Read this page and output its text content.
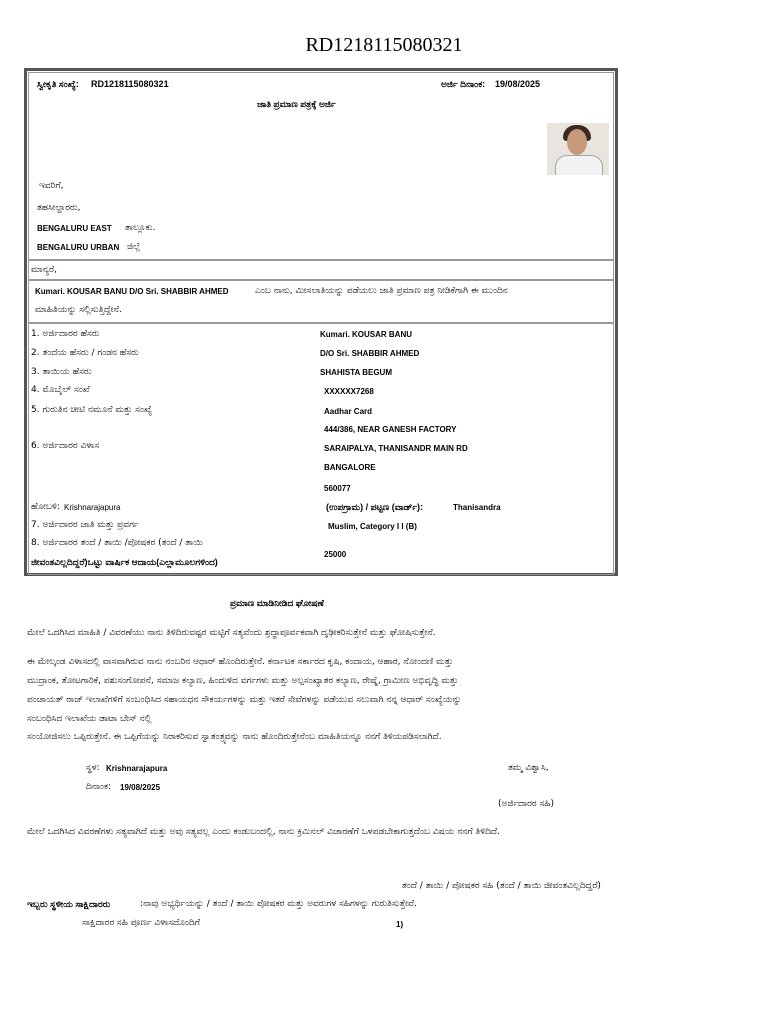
RD1218115080321
ಸ್ವೀಕೃತಿ ಸಂಖ್ಯೆ: RD1218115080321	ಅರ್ಜಿ ದಿನಾಂಕ: 19/08/2025
ಜಾತಿ ಪ್ರಮಾಣ ಪತ್ರಕ್ಕೆ ಅರ್ಜಿ
ಇವರಿಗೆ,
ತಹಸೀಲ್ದಾರರು,
BENGALURU EAST ತಾಲ್ಲೂಕು.
BENGALURU URBAN ಜಿಲ್ಲೆ
ಮಾನ್ಯರೆ,
Kumari. KOUSAR BANU D/O Sri. SHABBIR AHMED	ಎಂಬ ನಾನು, ಮೀಸಲಾತಿಯನ್ನು ಪಡೆಯಲು ಜಾತಿ ಪ್ರಮಾಣ ಪತ್ರ ನೀಡಿಕೆಗಾಗಿ ಈ ಮುಂದಿನ
ಮಾಹಿತಿಯನ್ನು ಸಲ್ಲಿಸುತ್ತಿದ್ದೇನೆ.
1. ಅರ್ಜಿದಾರರ ಹೆಸರು	Kumari. KOUSAR BANU
2. ತಂದೆಯ ಹೆಸರು / ಗಂಡನ ಹೆಸರು	D/O Sri. SHABBIR AHMED
3. ತಾಯಿಯ ಹೆಸರು	SHAHISTA BEGUM
4. ಮೊಬೈಲ್ ಸಂಖೆ	XXXXXX7268
5. ಗುರುತಿನ ಚೀಟಿ ನಮೂನೆ ಮತ್ತು ಸಂಖ್ಯೆ	Aadhar Card
444/386, NEAR GANESH FACTORY
6. ಅರ್ಜಿದಾರರ ವಿಳಾಸ	SARAIPALYA, THANISANDR MAIN RD
BANGALORE
560077
ಹೋಬಳಿ: Krishnarajapura	(ಉಪಗ್ರಾಮ) / ಪಟ್ಟಣ (ವಾರ್ಡ್):	Thanisandra
7. ಅರ್ಜಿದಾರರ ಜಾತಿ ಮತ್ತು ಪ್ರವರ್ಗ	Muslim, Category I I (B)
8. ಅರ್ಜಿದಾರರ ತಂದೆ / ತಾಯಿ /ಪೋಷಕರ (ತಂದೆ / ತಾಯಿ
ಜೀವಂತವಿಲ್ಲದಿದ್ದರೆ)ಒಟ್ಟು ವಾರ್ಷಿಕ ಆದಾಯ(ಎಲ್ಲಾಮೂಲಗಳಿಂದ)
25000
ಪ್ರಮಾಣ ಮಾಡಿನೀಡಿದ ಘೋಷಣೆ
ಮೇಲೆ ಒದಗಿಸಿದ ಮಾಹಿತಿ / ವಿವರಣೆಯು ನಾನು ತಿಳಿದಿರುವಷ್ಟರ ಮಟ್ಟಿಗೆ ಸತ್ಯವೆಂದು ಶ್ರದ್ಧಾಪೂರ್ವಕವಾಗಿ ದೃಢೀಕರಿಸುತ್ತೇನೆ ಮತ್ತು ಘೋಷಿಸುತ್ತೇನೆ.
ಈ ಮೇಲ್ಕಂಡ ವಿಳಾಸದಲ್ಲಿ ವಾಸವಾಗಿರುವ ನಾನು ನಂಬರಿನ ಆಧಾರ್ ಹೊಂದಿರುತ್ತೇನೆ. ಕರ್ನಾಟಕ ಸರ್ಕಾರದ ಕೃಷಿ, ಕಂದಾಯ, ಆಹಾರ, ನೋಂದಣಿ ಮತ್ತು
ಮುದ್ರಾಂಕ, ತೋಟಗಾರಿಕೆ, ಪಶುಸಂಗೋಪನೆ, ಸಮಾಜ ಕಲ್ಯಾಣ, ಹಿಂದುಳಿದ ವರ್ಗಗಳು ಮತ್ತು ಅಲ್ಪಸಂಖ್ಯಾತರ ಕಲ್ಯಾಣ, ರೇಷ್ಮೆ, ಗ್ರಾಮೀಣ ಅಭಿವೃದ್ಧಿ ಮತ್ತು
ಪಂಚಾಯತ್ ರಾಜ್ ಇಲಾಖೆಗಳಿಗೆ ಸಂಬಂಧಿಸಿದ ಸಹಾಯಧನ ಸೌಕರ್ಯಗಳನ್ನು ಮತ್ತು ಇತರೆ ಸೇವೆಗಳನ್ನು ಪಡೆಯುವ ಸಲುವಾಗಿ ನನ್ನ ಆಧಾರ್ ಸಂಖ್ಯೆಯನ್ನು
ಸಂಬಂಧಿಸಿದ ಇಲಾಖೆಯ ಡಾಟಾ ಬೇಸ್ ನಲ್ಲಿ
ಸಂಯೋಜಿಸಲು ಒಪ್ಪಿರುತ್ತೇನೆ. ಈ ಒಪ್ಪಿಗೆಯನ್ನು ನಿರಾಕರಿಸುವ ಸ್ವಾತಂತ್ರ್ಯವನ್ನು ನಾನು ಹೊಂದಿರುತ್ತೇನೆಂಬ ಮಾಹಿತಿಯನ್ನೂ ನನಗೆ ತಿಳಿಯಪಡಿಸಲಾಗಿದೆ.
ಸ್ಥಳ: Krishnarajapura	ತಮ್ಮ ವಿಶ್ವಾಸಿ,
ದಿನಾಂಕ: 19/08/2025
(ಅರ್ಜಿದಾರರ ಸಹಿ)
ಮೇಲೆ ಒದಗಿಸಿದ ವಿವರಣೆಗಳು ಸತ್ಯವಾಗಿದೆ ಮತ್ತು ಅವು ಸತ್ಯವಲ್ಲ ಎಂದು ಕಂಡುಬಂದಲ್ಲಿ, ನಾನು ಕ್ರಿಮಿನಲ್ ವಿಚಾರಣೆಗೆ ಒಳಪಡಬೇಕಾಗುತ್ತದೆಂಬ ವಿಷಯ ನನಗೆ ತಿಳಿದಿದೆ.
ತಂದೆ / ತಾಯಿ / ಪೋಷಕರ ಸಹಿ (ತಂದೆ / ತಾಯಿ ಜೀವಂತವಿಲ್ಲದಿದ್ದರೆ)
ಇಬ್ಬರು ಸ್ಥಳೀಯ ಸಾಕ್ಷಿದಾರರು	:ನಾವು ಅಭ್ಯರ್ಥಿಯನ್ನು / ತಂದೆ / ತಾಯಿ ಪೋಷಕರ ಮತ್ತು ಅವರುಗಳ ಸಹಿಗಳನ್ನು ಗುರುತಿಸುತ್ತೇವೆ.
ಸಾಕ್ಷಿದಾರರ ಸಹಿ ಪೂರ್ಣ ವಿಳಾಸದೊಂದಿಗೆ	1)
